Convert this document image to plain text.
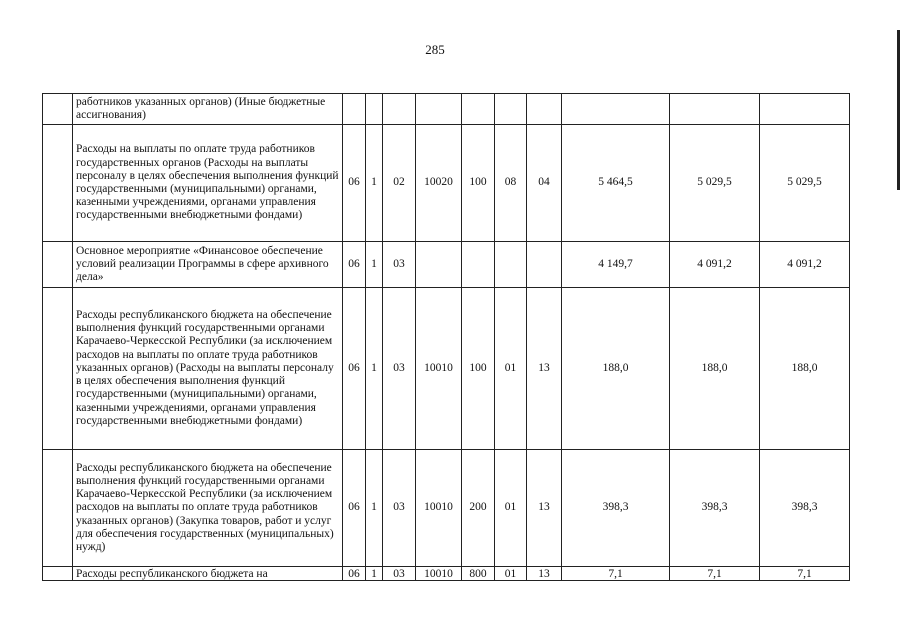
285
	работников указанных органов) (Иные бюджетные ассигнования)										
	Расходы на выплаты по оплате труда работников государственных органов (Расходы на выплаты персоналу в целях обеспечения выполнения функций государственными (муниципальными) органами, казенными учреждениями, органами управления государственными внебюджетными фондами)	06	1	02	10020	100	08	04	5 464,5	5 029,5	5 029,5
	Основное мероприятие «Финансовое обеспечение условий реализации Программы в сфере архивного дела»	06	1	03					4 149,7	4 091,2	4 091,2
	Расходы республиканского бюджета на обеспечение выполнения функций государственными органами Карачаево-Черкесской Республики (за исключением расходов на выплаты по оплате труда работников указанных органов) (Расходы на выплаты персоналу в целях обеспечения выполнения функций государственными (муниципальными) органами, казенными учреждениями, органами управления государственными внебюджетными фондами)	06	1	03	10010	100	01	13	188,0	188,0	188,0
	Расходы республиканского бюджета на обеспечение выполнения функций государственными органами Карачаево-Черкесской Республики (за исключением расходов на выплаты по оплате труда работников указанных органов) (Закупка товаров, работ и услуг для обеспечения государственных (муниципальных) нужд)	06	1	03	10010	200	01	13	398,3	398,3	398,3
	Расходы республиканского бюджета на	06	1	03	10010	800	01	13	7,1	7,1	7,1
